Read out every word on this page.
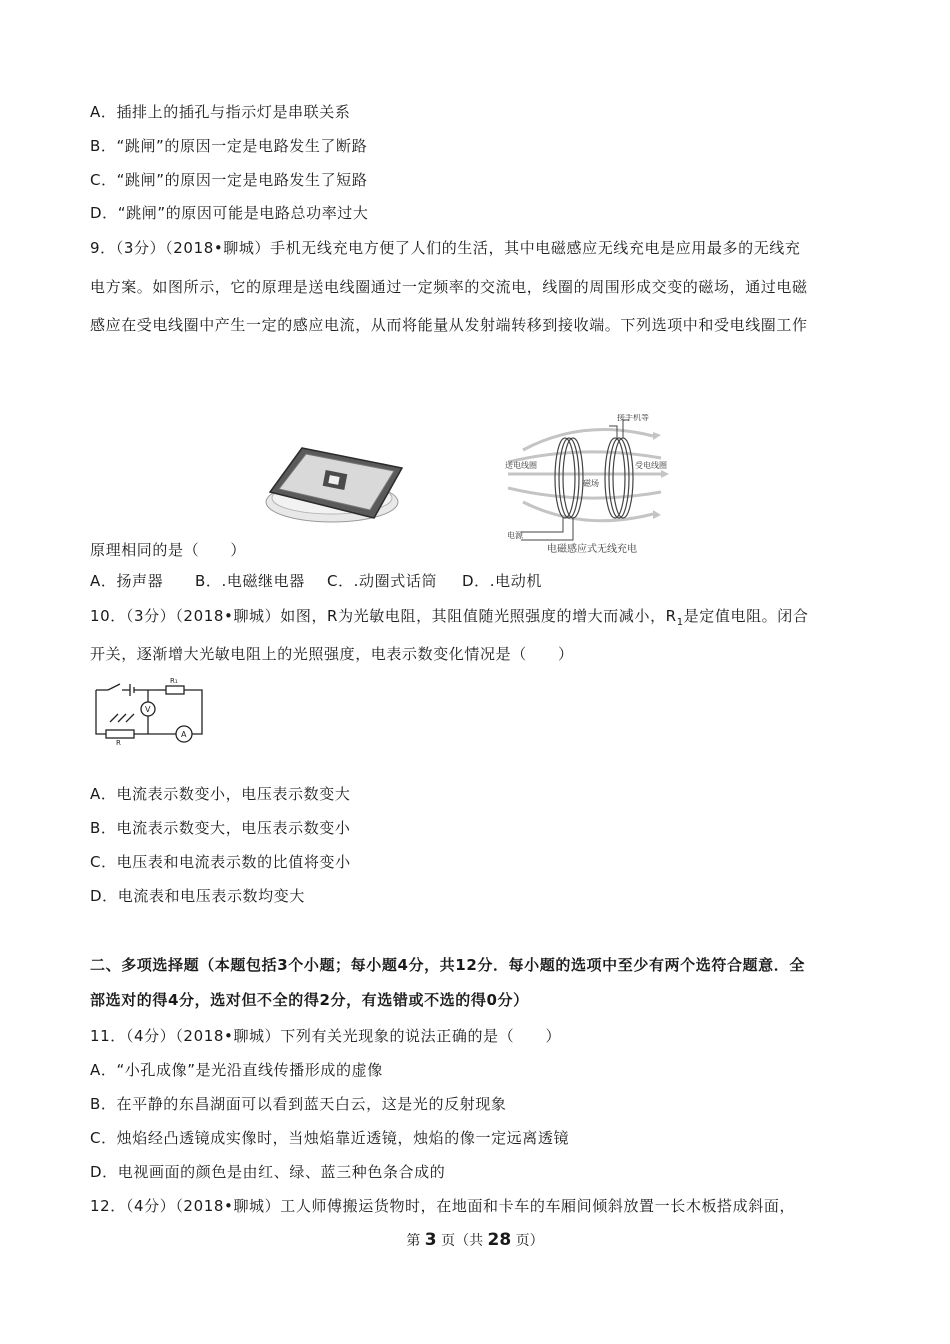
A．插排上的插孔与指示灯是串联关系
B．“跳闸”的原因一定是电路发生了断路
C．“跳闸”的原因一定是电路发生了短路
D．“跳闸”的原因可能是电路总功率过大
9．（3分）（2018•聊城）手机无线充电方便了人们的生活，其中电磁感应无线充电是应用最多的无线充
电方案。如图所示，它的原理是送电线圈通过一定频率的交流电，线圈的周围形成交变的磁场，通过电磁
感应在受电线圈中产生一定的感应电流，从而将能量从发射端转移到接收端。下列选项中和受电线圈工作
接手机等
送电线圈	受电线圈
磁场
电源
电磁感应式无线充电
原理相同的是（　　）
A．扬声器 B．.电磁继电器 C．.动圈式话筒 D．.电动机
10．（3分）（2018•聊城）如图，R为光敏电阻，其阻值随光照强度的增大而减小，$R_1$是定值电阻。闭合
开关，逐渐增大光敏电阻上的光照强度，电表示数变化情况是（　　）
V
A
R₁
R
A．电流表示数变小，电压表示数变大
B．电流表示数变大，电压表示数变小
C．电压表和电流表示数的比值将变小
D．电流表和电压表示数均变大
二、多项选择题（本题包括3个小题；每小题4分，共12分．每小题的选项中至少有两个选符合题意．全
部选对的得4分，选对但不全的得2分，有选错或不选的得0分）
11．（4分）（2018•聊城）下列有关光现象的说法正确的是（　　）
A．“小孔成像”是光沿直线传播形成的虚像
B．在平静的东昌湖面可以看到蓝天白云，这是光的反射现象
C．烛焰经凸透镜成实像时，当烛焰靠近透镜，烛焰的像一定远离透镜
D．电视画面的颜色是由红、绿、蓝三种色条合成的
12．（4分）（2018•聊城）工人师傅搬运货物时，在地面和卡车的车厢间倾斜放置一长木板搭成斜面，
第 3 页（共 28 页）
